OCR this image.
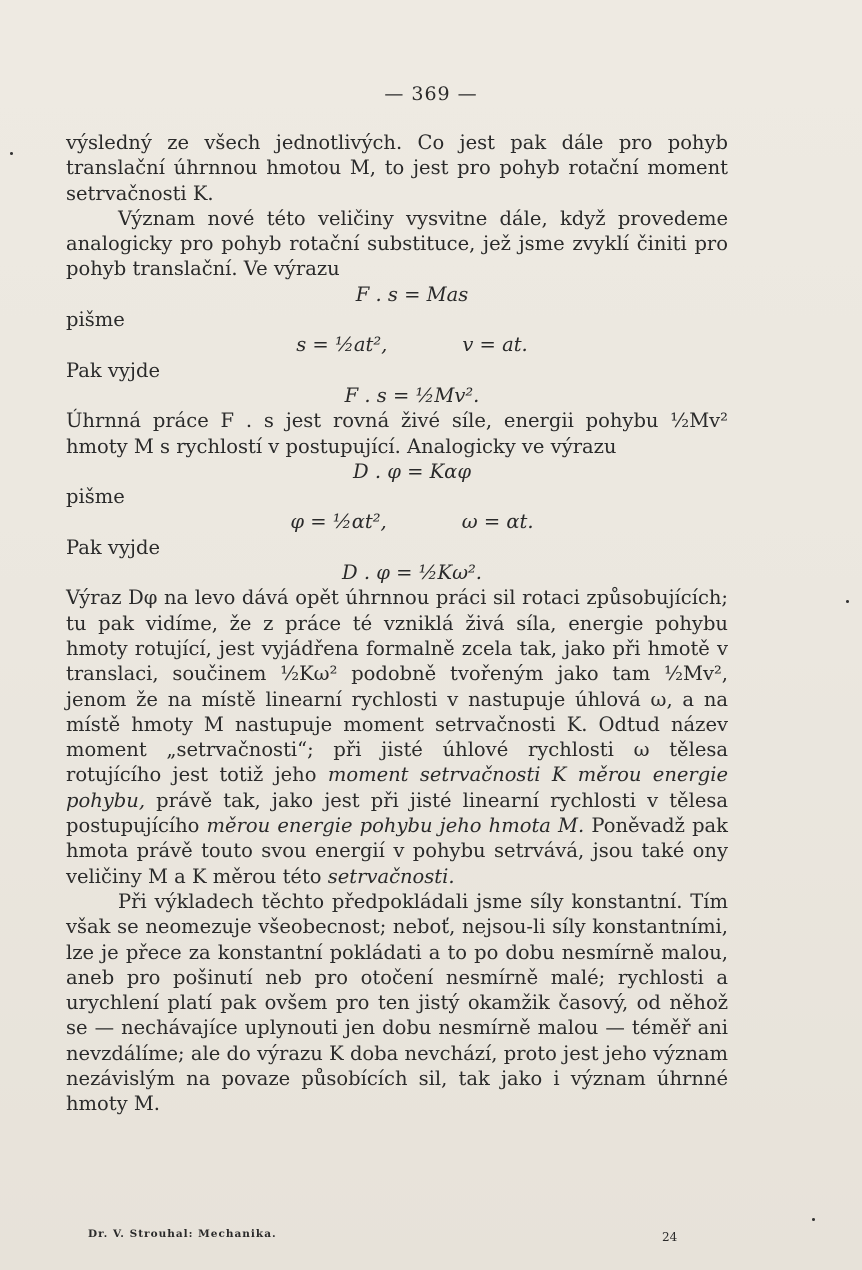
— 369 —

výsledný ze všech jednotlivých. Co jest pak dále pro pohyb translační úhrnnou hmotou M, to jest pro pohyb rotační moment setrvačnosti K.

Význam nové této veličiny vysvitne dále, když provedeme analogicky pro pohyb rotační substituce, jež jsme zvyklí činiti pro pohyb translační. Ve výrazu

F . s = Mas

pišme

s = ½at²,	v = at.

Pak vyjde

F . s = ½Mv².

Úhrnná práce F . s jest rovná živé síle, energii pohybu ½Mv² hmoty M s rychlostí v postupující. Analogicky ve výrazu

D . φ = Kαφ

pišme

φ = ½αt²,	ω = αt.

Pak vyjde

D . φ = ½Kω².

Výraz Dφ na levo dává opět úhrnnou práci sil rotaci způsobujících; tu pak vidíme, že z práce té vzniklá živá síla, energie pohybu hmoty rotující, jest vyjádřena formalně zcela tak, jako při hmotě v translaci, součinem ½Kω² podobně tvořeným jako tam ½Mv², jenom že na místě linearní rychlosti v nastupuje úhlová ω, a na místě hmoty M nastupuje moment setrvačnosti K. Odtud název moment „setrvačnosti“; při jisté úhlové rychlosti ω tělesa rotujícího jest totiž jeho moment setrvačnosti K měrou energie pohybu, právě tak, jako jest při jisté linearní rychlosti v tělesa postupujícího měrou energie pohybu jeho hmota M. Poněvadž pak hmota právě touto svou energií v pohybu setrvává, jsou také ony veličiny M a K měrou této setrvačnosti.

Při výkladech těchto předpokládali jsme síly konstantní. Tím však se neomezuje všeobecnost; neboť, nejsou-li síly konstantními, lze je přece za konstantní pokládati a to po dobu nesmírně malou, aneb pro pošinutí neb pro otočení nesmírně malé; rychlosti a urychlení platí pak ovšem pro ten jistý okamžik časový, od něhož se — nechávajíce uplynouti jen dobu nesmírně malou — téměř ani nevzdálíme; ale do výrazu K doba nevchází, proto jest jeho význam nezávislým na povaze působících sil, tak jako i význam úhrnné hmoty M.

Dr. V. Strouhal: Mechanika.	24
